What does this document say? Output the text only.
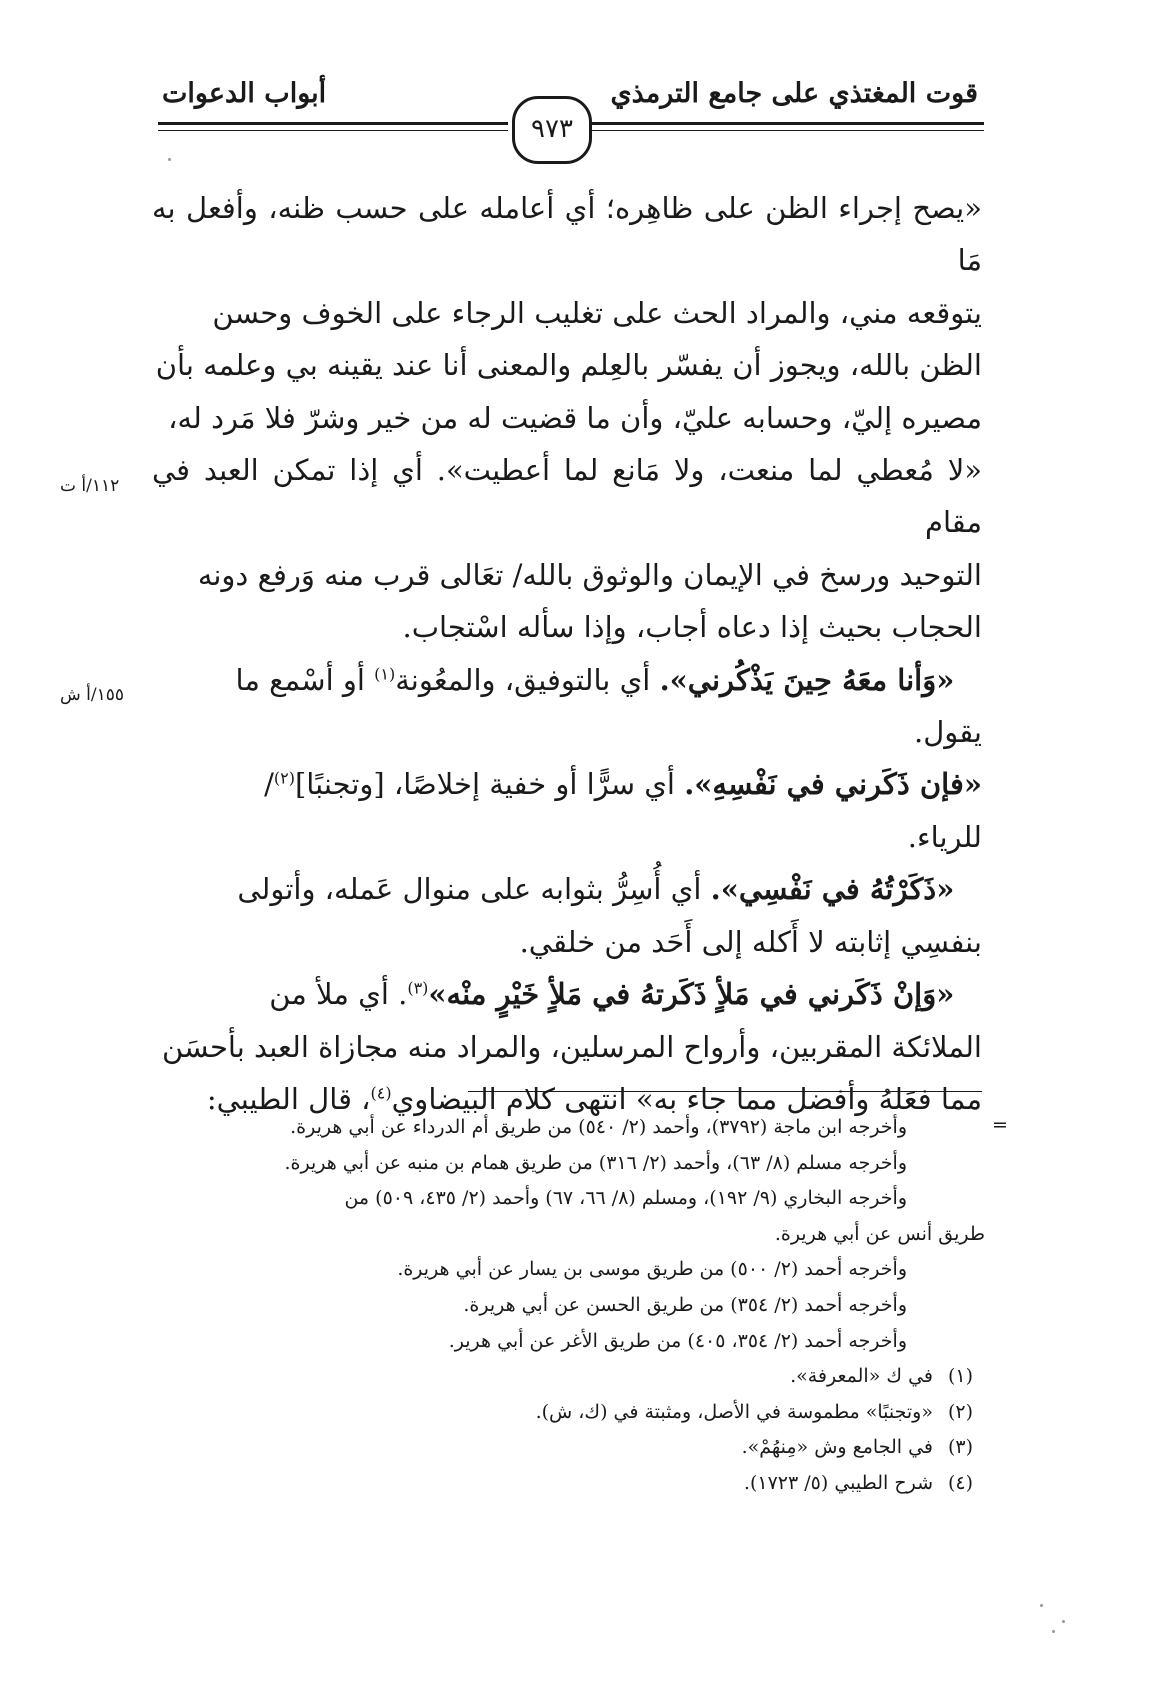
قوت المغتذي على جامع الترمذي
أبواب الدعوات
٩٧٣

«يصح إجراء الظن على ظاهِره؛ أي أعامله على حسب ظنه، وأفعل به مَا

يتوقعه مني، والمراد الحث على تغليب الرجاء على الخوف وحسن

الظن بالله، ويجوز أن يفسّر بالعِلم والمعنى أنا عند يقينه بي وعلمه بأن

مصيره إليّ، وحسابه عليّ، وأن ما قضيت له من خير وشرّ فلا مَرد له،

«لا مُعطي لما منعت، ولا مَانع لما أعطيت». أي إذا تمكن العبد في مقام

التوحيد ورسخ في الإيمان والوثوق بالله/ تعَالى قرب منه وَرفع دونه

الحجاب بحيث إذا دعاه أجاب، وإذا سأله اسْتجاب.

«وَأنا معَهُ حِينَ يَذْكُرني». أي بالتوفيق، والمعُونة$^{(١)}$ أو أسْمع ما

يقول.

«فإن ذَكَرني في نَفْسِهِ». أي سرًّا أو خفية إخلاصًا، [وتجنبًا]$^{(٢)}$/

للرياء.

«ذَكَرْتُهُ في نَفْسِي». أي أُسِرُّ بثوابه على منوال عَمله، وأتولى

بنفسِي إثابته لا أَكله إلى أَحَد من خلقي.

«وَإنْ ذَكَرني في مَلأٍ ذَكَرتهُ في مَلأٍ خَيْرٍ منْه»$^{(٣)}$. أي ملأ من

الملائكة المقربين، وأرواح المرسلين، والمراد منه مجازاة العبد بأحسَن

مما فعَلهُ وأفضل مما جاء به» انتهى كلام البيضاوي$^{(٤)}$، قال الطيبي:

١١٢/أ ت
١٥٥/أ ش
=

وأخرجه ابن ماجة (٣٧٩٢)، وأحمد (٢/ ٥٤٠) من طريق أم الدرداء عن أبي هريرة.

وأخرجه مسلم (٨/ ٦٣)، وأحمد (٢/ ٣١٦) من طريق همام بن منبه عن أبي هريرة.

وأخرجه البخاري (٩/ ١٩٢)، ومسلم (٨/ ٦٦، ٦٧) وأحمد (٢/ ٤٣٥، ٥٠٩) من

طريق أنس عن أبي هريرة.

وأخرجه أحمد (٢/ ٥٠٠) من طريق موسى بن يسار عن أبي هريرة.

وأخرجه أحمد (٢/ ٣٥٤) من طريق الحسن عن أبي هريرة.

وأخرجه أحمد (٢/ ٣٥٤، ٤٠٥) من طريق الأغر عن أبي هرير.

(١)في ك «المعرفة».

(٢)«وتجنبًا» مطموسة في الأصل، ومثبتة في (ك، ش).

(٣)في الجامع وش «مِنهُمْ».

(٤)شرح الطيبي (٥/ ١٧٢٣).
